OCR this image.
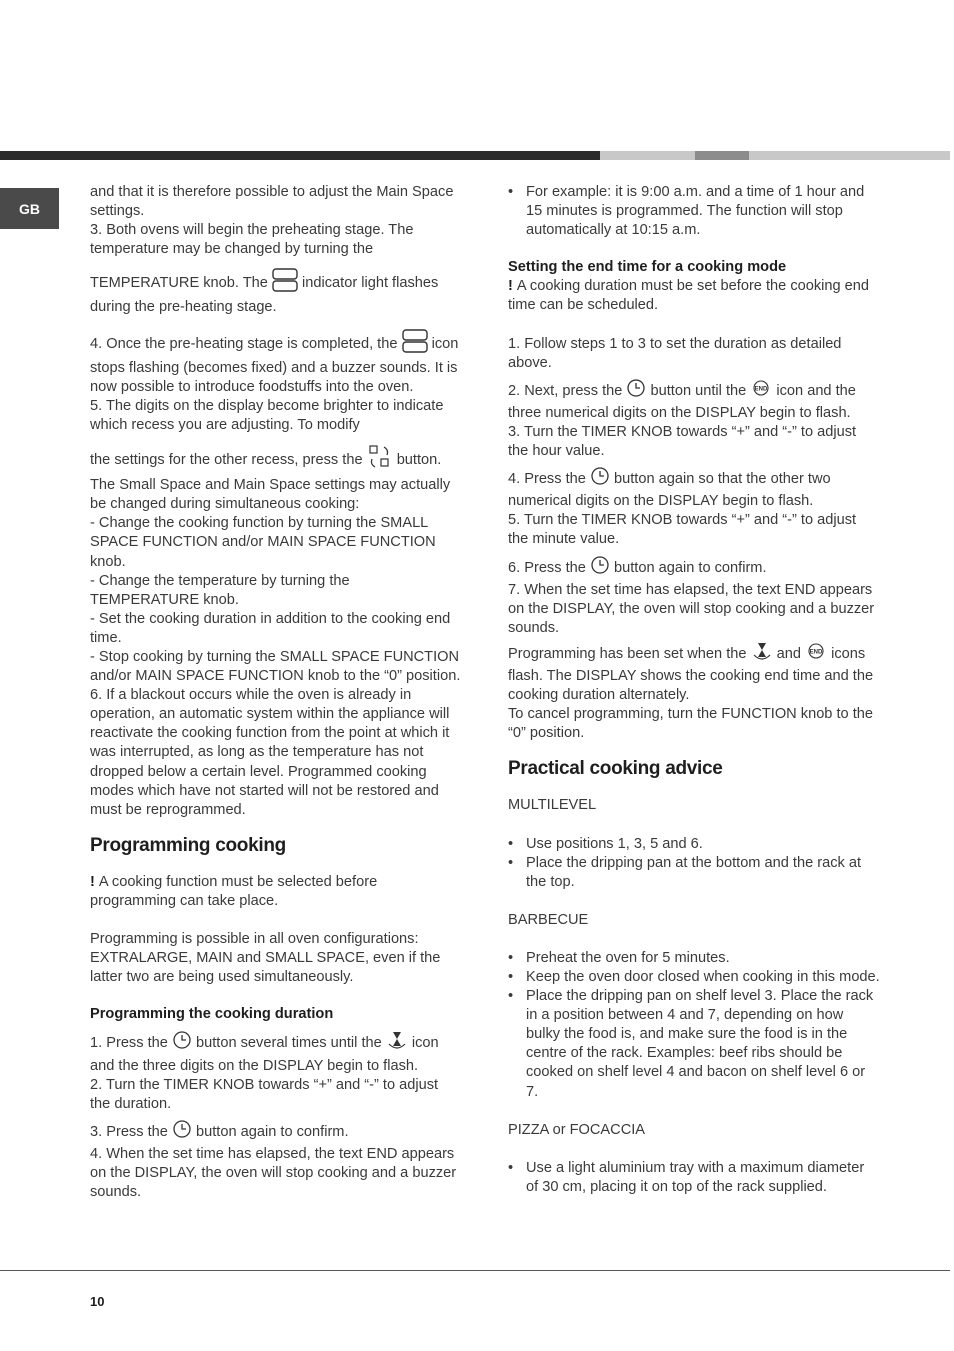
GB

and that it is therefore possible to adjust the Main Space settings.

3. Both ovens will begin the preheating stage. The temperature may be changed by turning the

TEMPERATURE knob. The indicator light flashes during the pre-heating stage.

4. Once the pre-heating stage is completed, the icon stops flashing (becomes fixed) and a buzzer sounds. It is now possible to introduce foodstuffs into the oven.

5. The digits on the display become brighter to indicate which recess you are adjusting. To modify

the settings for the other recess, press the button. The Small Space and Main Space settings may actually be changed during simultaneous cooking:

- Change the cooking function by turning the SMALL SPACE FUNCTION and/or MAIN SPACE FUNCTION knob.

- Change the temperature by turning the TEMPERATURE knob.

- Set the cooking duration in addition to the cooking end time.

- Stop cooking by turning the SMALL SPACE FUNCTION and/or MAIN SPACE FUNCTION knob to the “0” position.

6. If a blackout occurs while the oven is already in operation, an automatic system within the appliance will reactivate the cooking function from the point at which it was interrupted, as long as the temperature has not dropped below a certain level. Programmed cooking modes which have not started will not be restored and must be reprogrammed.

Programming cooking

! A cooking function must be selected before programming can take place.

Programming is possible in all oven configurations: EXTRALARGE, MAIN and SMALL SPACE, even if the latter two are being used simultaneously.

Programming the cooking duration

1. Press the button several times until the icon and the three digits on the DISPLAY begin to flash.

2. Turn the TIMER KNOB towards “+” and “-” to adjust the duration.

3. Press the button again to confirm.

4. When the set time has elapsed, the text END appears on the DISPLAY, the oven will stop cooking and a buzzer sounds.

• For example: it is 9:00 a.m. and a time of 1 hour and 15 minutes is programmed. The function will stop automatically at 10:15 a.m.
Setting the end time for a cooking mode

! A cooking duration must be set before the cooking end time can be scheduled.

1. Follow steps 1 to 3 to set the duration as detailed above.

2. Next, press the button until the END icon and the three numerical digits on the DISPLAY begin to flash.

3. Turn the TIMER KNOB towards “+” and “-” to adjust the hour value.

4. Press the button again so that the other two numerical digits on the DISPLAY begin to flash.

5. Turn the TIMER KNOB towards “+” and “-” to adjust the minute value.

6. Press the button again to confirm.

7. When the set time has elapsed, the text END appears on the DISPLAY, the oven will stop cooking and a buzzer sounds.

Programming has been set when the and END icons flash. The DISPLAY shows the cooking end time and the cooking duration alternately.

To cancel programming, turn the FUNCTION knob to the “0” position.

Practical cooking advice

MULTILEVEL

• Use positions 1, 3, 5 and 6.
• Place the dripping pan at the bottom and the rack at the top.

BARBECUE

• Preheat the oven for 5 minutes.
• Keep the oven door closed when cooking in this mode.
• Place the dripping pan on shelf level 3. Place the rack in a position between 4 and 7, depending on how bulky the food is, and make sure the food is in the centre of the rack. Examples: beef ribs should be cooked on shelf level 4 and bacon on shelf level 6 or 7.

PIZZA or FOCACCIA

• Use a light aluminium tray with a maximum diameter of 30 cm, placing it on top of the rack supplied.
10
